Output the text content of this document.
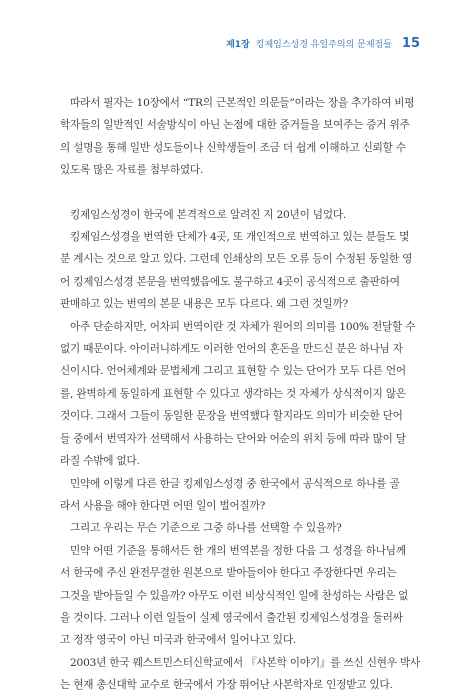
제1장 킹제임스성경 유일주의의 문제점들 15
따라서 필자는 10장에서 “TR의 근본적인 의문들”이라는 장을 추가하여 비평
학자들의 일반적인 서술방식이 아닌 논점에 대한 증거들을 보여주는 증거 위주
의 설명을 통해 일반 성도들이나 신학생들이 조금 더 쉽게 이해하고 신뢰할 수
있도록 많은 자료를 첨부하였다.
킹제임스성경이 한국에 본격적으로 알려진 지 20년이 넘었다.
킹제임스성경을 번역한 단체가 4곳, 또 개인적으로 번역하고 있는 분들도 몇
분 계시는 것으로 알고 있다. 그런데 인쇄상의 모든 오류 등이 수정된 동일한 영
어 킹제임스성경 본문을 번역했음에도 불구하고 4곳이 공식적으로 출판하여
판매하고 있는 번역의 본문 내용은 모두 다르다. 왜 그런 것일까?
아주 단순하지만, 어차피 번역이란 것 자체가 원어의 의미를 100% 전달할 수
없기 때문이다. 아이러니하게도 이러한 언어의 혼돈을 만드신 분은 하나님 자
신이시다. 언어체계와 문법체계 그리고 표현할 수 있는 단어가 모두 다른 언어
를, 완벽하게 동일하게 표현할 수 있다고 생각하는 것 자체가 상식적이지 않은
것이다. 그래서 그들이 동일한 문장을 번역했다 할지라도 의미가 비슷한 단어
들 중에서 번역자가 선택해서 사용하는 단어와 어순의 위치 등에 따라 많이 달
라질 수밖에 없다.
민약에 이렇게 다른 한글 킹제임스성경 중 한국에서 공식적으로 하나를 골
라서 사용을 해야 한다면 어떤 일이 벌어질까?
그리고 우리는 무슨 기준으로 그중 하나를 선택할 수 있을까?
민약 어떤 기준을 통해서든 한 개의 번역본을 정한 다음 그 성경을 하나님께
서 한국에 주신 완전무결한 원본으로 받아들이야 한다고 주장한다면 우리는
그것을 받아들일 수 있을까? 아무도 이런 비상식적인 일에 찬성하는 사람은 없
을 것이다. 그러나 이런 일들이 실제 영국에서 출간된 킹제임스성경을 둘러싸
고 정작 영국이 아닌 미국과 한국에서 일어나고 있다.
2003년 한국 웨스트민스터신학교에서 『사본학 이야기』를 쓰신 신현우 박사
는 현재 총신대학 교수로 한국에서 가장 뛰어난 사본학자로 인정받고 있다.
